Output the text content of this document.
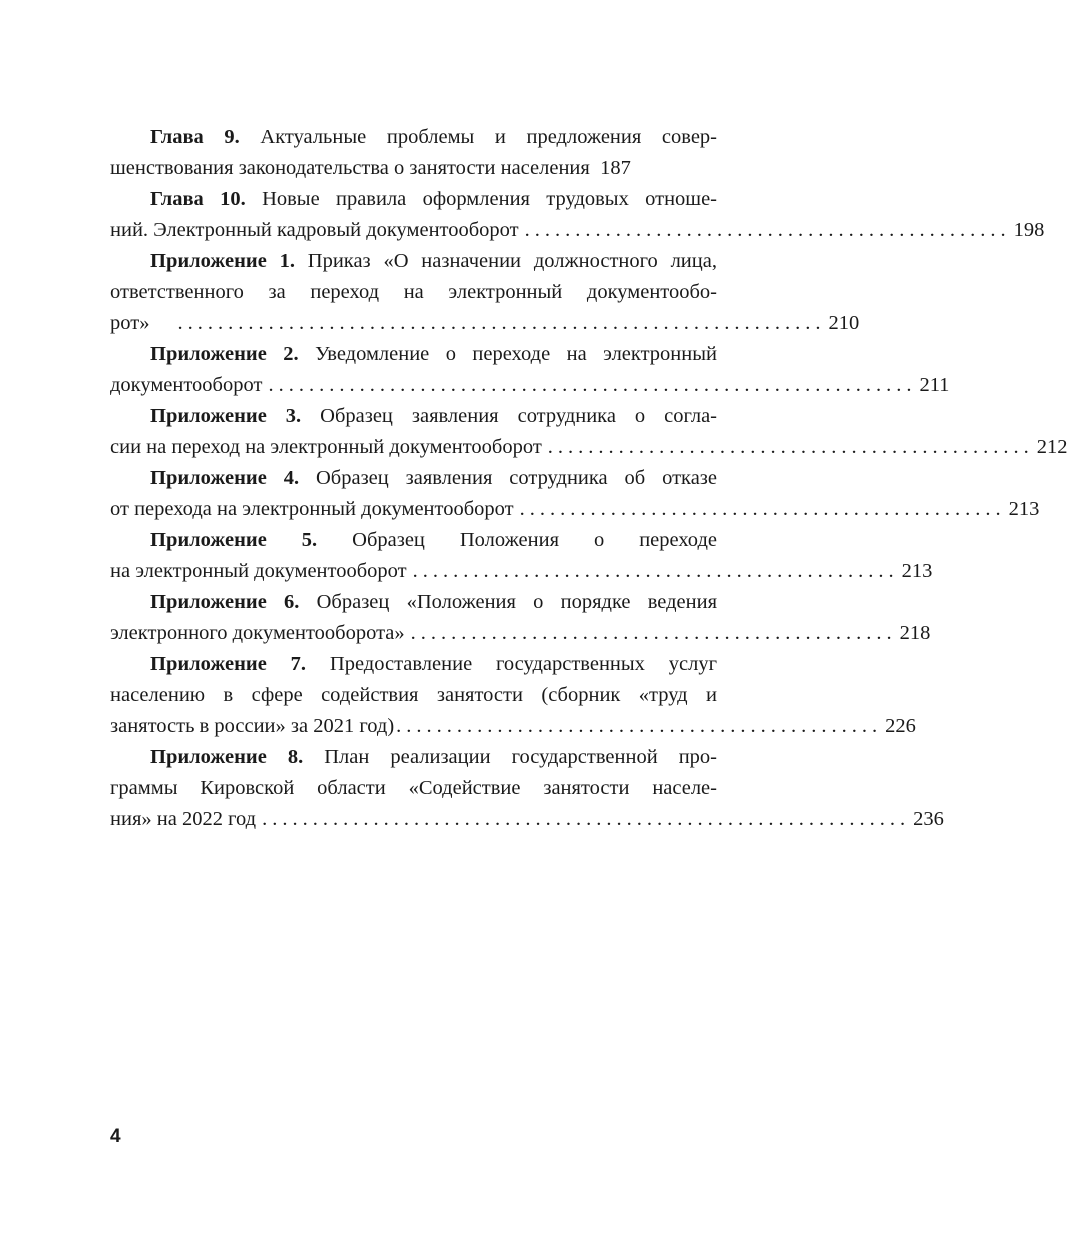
Глава 9. Актуальные проблемы и предложения совер-
шенствования законодательства о занятости населения 187
Глава 10. Новые правила оформления трудовых отноше-
ний. Электронный кадровый документооборот ................................................ 198
Приложение 1. Приказ «О назначении должностного лица,
ответственного за переход на электронный документообо-
рот» ................................................................ 210
Приложение 2. Уведомление о переходе на электронный
документооборот ................................................................ 211
Приложение 3. Образец заявления сотрудника о согла-
сии на переход на электронный документооборот ................................................ 212
Приложение 4. Образец заявления сотрудника об отказе
от перехода на электронный документооборот ................................................ 213
Приложение 5. Образец Положения о переходе
на электронный документооборот ................................................ 213
Приложение 6. Образец «Положения о порядке ведения
электронного документооборота» ................................................ 218
Приложение 7. Предоставление государственных услуг
населению в сфере содействия занятости (сборник «труд и
занятость в россии» за 2021 год) ................................................ 226
Приложение 8. План реализации государственной про-
граммы Кировской области «Содействие занятости населе-
ния» на 2022 год ................................................................ 236
4
